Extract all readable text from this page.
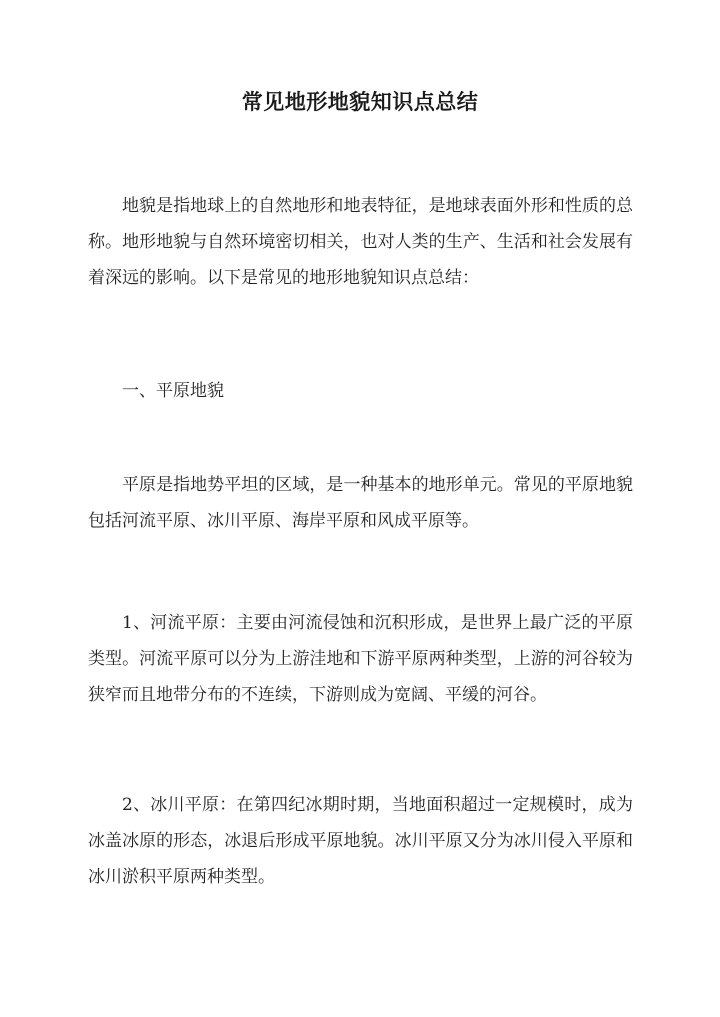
常见地形地貌知识点总结

地貌是指地球上的自然地形和地表特征，是地球表面外形和性质的总称。地形地貌与自然环境密切相关，也对人类的生产、生活和社会发展有着深远的影响。以下是常见的地形地貌知识点总结：

一、平原地貌

平原是指地势平坦的区域，是一种基本的地形单元。常见的平原地貌包括河流平原、冰川平原、海岸平原和风成平原等。

1、河流平原：主要由河流侵蚀和沉积形成，是世界上最广泛的平原类型。河流平原可以分为上游洼地和下游平原两种类型，上游的河谷较为狭窄而且地带分布的不连续，下游则成为宽阔、平缓的河谷。

2、冰川平原：在第四纪冰期时期，当地面积超过一定规模时，成为冰盖冰原的形态，冰退后形成平原地貌。冰川平原又分为冰川侵入平原和冰川淤积平原两种类型。
